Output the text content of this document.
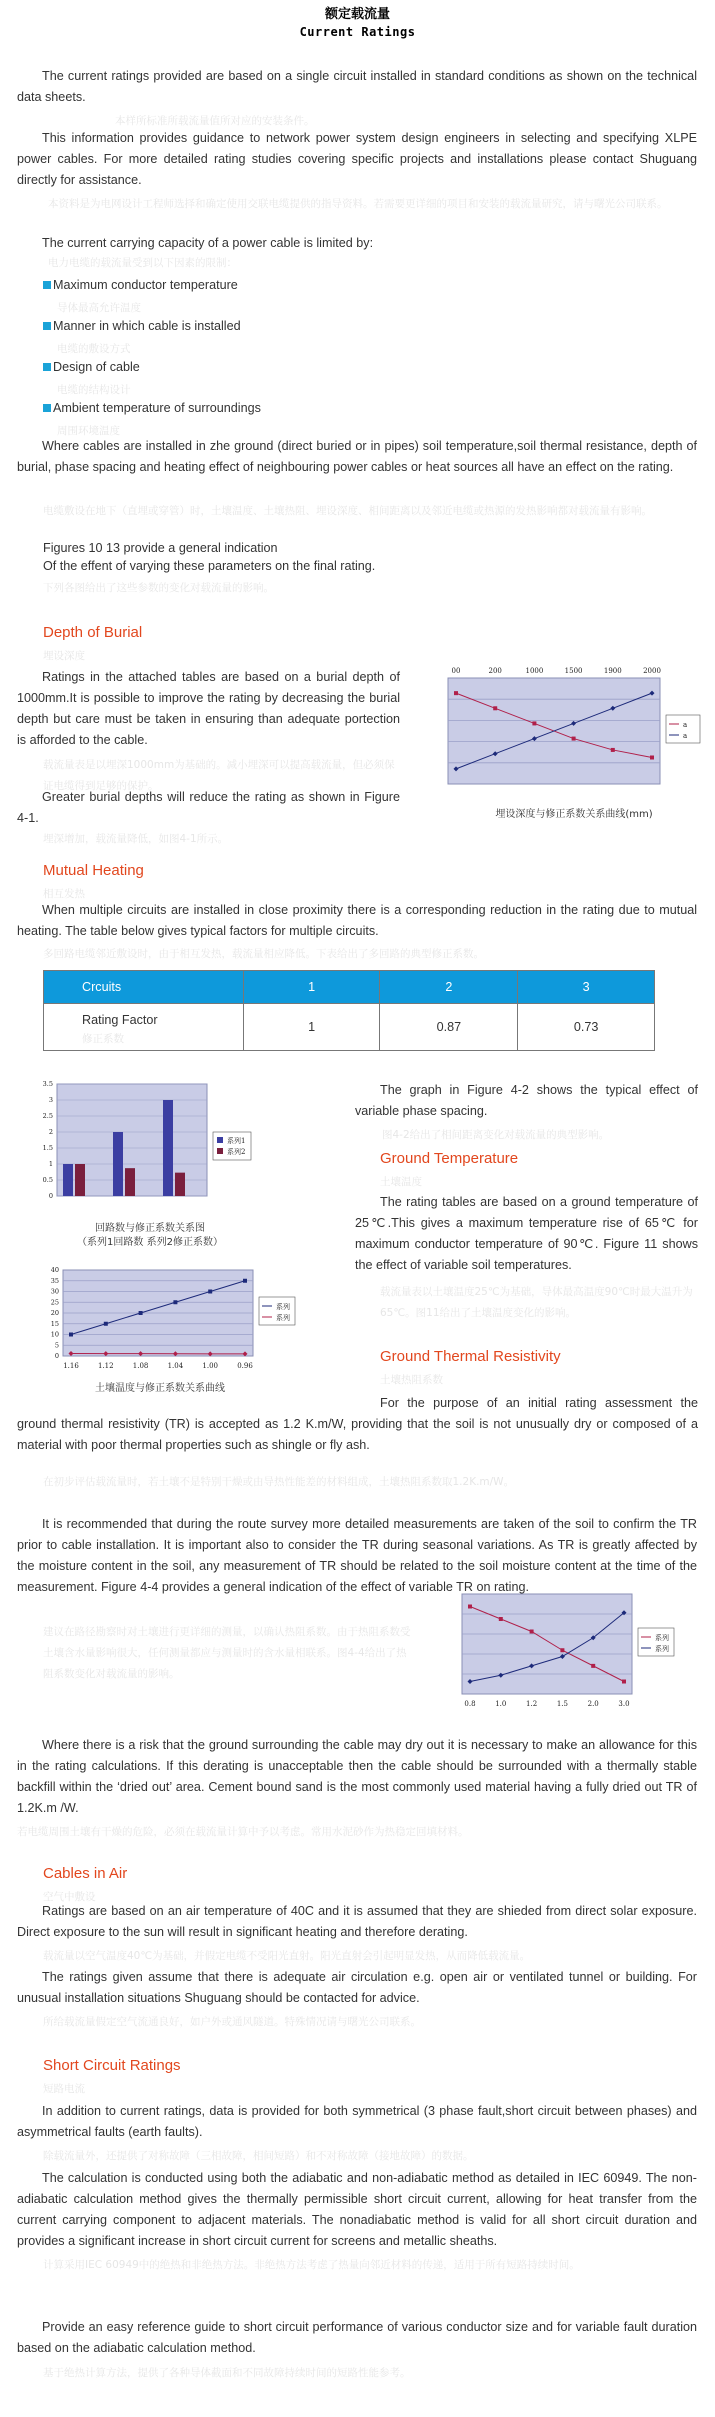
额定载流量
Current Ratings
The current ratings provided are based on a single circuit installed in standard conditions as shown on the technical data sheets.
本样所标准所载流量值所对应的安装条件。
This information provides guidance to network power system design engineers in selecting and specifying XLPE power cables. For more detailed rating studies covering specific projects and installations please contact Shuguang directly for assistance.
本资料是为电网设计工程师选择和确定使用交联电缆提供的指导资料。若需要更详细的项目和安装的载流量研究，请与曙光公司联系。
The current carrying capacity of a power cable is limited by:
电力电缆的载流量受到以下因素的限制：
Maximum conductor temperature
导体最高允许温度
Manner in which cable is installed
电缆的敷设方式
Design of cable
电缆的结构设计
Ambient temperature of surroundings
周围环境温度
Where cables are installed in zhe ground (direct buried or in pipes) soil temperature,soil thermal resistance, depth of burial, phase spacing and heating effect of neighbouring power cables or heat sources all have an effect on the rating.
电缆敷设在地下（直埋或穿管）时，土壤温度、土壤热阻、埋设深度、相间距离以及邻近电缆或热源的发热影响都对载流量有影响。
Figures 10 13 provide a general indication
Of the effent of varying these parameters on the final rating.
下列各图给出了这些参数的变化对载流量的影响。
Depth of Burial
埋设深度
Ratings in the attached tables are based on a burial depth of 1000mm.It is possible to improve the rating by decreasing the burial depth but care must be taken in ensuring than adequate portection is afforded to the cable.
载流量表是以埋深1000mm为基础的。减小埋深可以提高载流量，但必须保证电缆得到足够的保护。
Greater burial depths will reduce the rating as shown in Figure 4-1.
埋深增加，载流量降低，如图4-1所示。
00	200	1000	1500	1900	2000
a
a
埋设深度与修正系数关系曲线(mm)
Mutual Heating
相互发热
When multiple circuits are installed in close proximity there is a corresponding reduction in the rating due to mutual heating. The table below gives typical factors for multiple circuits.
多回路电缆邻近敷设时，由于相互发热，载流量相应降低。下表给出了多回路的典型修正系数。
Crcuits	1	2	3

Rating Factor
修正系数	1	0.87	0.73
0
0.5
1
1.5
2
2.5
3
3.5
系列1
系列2
回路数与修正系数关系图
（系列1回路数 系列2修正系数）
1.16	1.12	1.08	1.04	1.00	0.96
0
5
10
15
20
25
30
35
40
系列
系列
土壤温度与修正系数关系曲线
The graph in Figure 4-2 shows the typical effect of variable phase spacing.
图4-2给出了相间距离变化对载流量的典型影响。
Ground Temperature
土壤温度
The rating tables are based on a ground temperature of 25℃.This gives a maximum temperature rise of 65℃ for maximum conductor temperature of 90℃. Figure 11 shows the effect of variable soil temperatures.
载流量表以土壤温度25℃为基础，导体最高温度90℃时最大温升为65℃。图11给出了土壤温度变化的影响。
Ground Thermal Resistivity
土壤热阻系数
For the purpose of an initial rating assessment the ground thermal resistivity (TR) is accepted as 1.2 K.m/W, providing that the soil is not unusually dry or composed of a material with poor thermal properties such as shingle or fly ash.
在初步评估载流量时，若土壤不是特别干燥或由导热性能差的材料组成，土壤热阻系数取1.2K.m/W。
It is recommended that during the route survey more detailed measurements are taken of the soil to confirm the TR prior to cable installation. It is important also to consider the TR during seasonal variations. As TR is greatly affected by the moisture content in the soil, any measurement of TR should be related to the soil moisture content at the time of the measurement. Figure 4-4 provides a general indication of the effect of variable TR on rating.
建议在路径勘察时对土壤进行更详细的测量，以确认热阻系数。由于热阻系数受土壤含水量影响很大，任何测量都应与测量时的含水量相联系。图4-4给出了热阻系数变化对载流量的影响。
0.8	1.0	1.2	1.5	2.0	3.0
系列
系列
Where there is a risk that the ground surrounding the cable may dry out it is necessary to make an allowance for this in the rating calculations. If this derating is unacceptable then the cable should be surrounded with a thermally stable backfill within the ‘dried out’ area. Cement bound sand is the most commonly used material having a fully dried out TR of 1.2K.m /W.
若电缆周围土壤有干燥的危险，必须在载流量计算中予以考虑。常用水泥砂作为热稳定回填材料。
Cables in Air
空气中敷设
Ratings are based on an air temperature of 40C and it is assumed that they are shieded from direct solar exposure. Direct exposure to the sun will result in significant heating and therefore derating.
载流量以空气温度40℃为基础，并假定电缆不受阳光直射。阳光直射会引起明显发热，从而降低载流量。
The ratings given assume that there is adequate air circulation e.g. open air or ventilated tunnel or building. For unusual installation situations Shuguang should be contacted for advice.
所给载流量假定空气流通良好，如户外或通风隧道。特殊情况请与曙光公司联系。
Short Circuit Ratings
短路电流
In addition to current ratings, data is provided for both symmetrical (3 phase fault,short circuit between phases) and asymmetrical faults (earth faults).
除载流量外，还提供了对称故障（三相故障，相间短路）和不对称故障（接地故障）的数据。
The calculation is conducted using both the adiabatic and non-adiabatic method as detailed in IEC 60949. The non-adiabatic calculation method gives the thermally permissible short circuit current, allowing for heat transfer from the current carrying component to adjacent materials. The nonadiabatic method is valid for all short circuit duration and provides a significant increase in short circuit current for screens and metallic sheaths.
计算采用IEC 60949中的绝热和非绝热方法。非绝热方法考虑了热量向邻近材料的传递，适用于所有短路持续时间。
Provide an easy reference guide to short circuit performance of various conductor size and for variable fault duration based on the adiabatic calculation method.
基于绝热计算方法，提供了各种导体截面和不同故障持续时间的短路性能参考。
